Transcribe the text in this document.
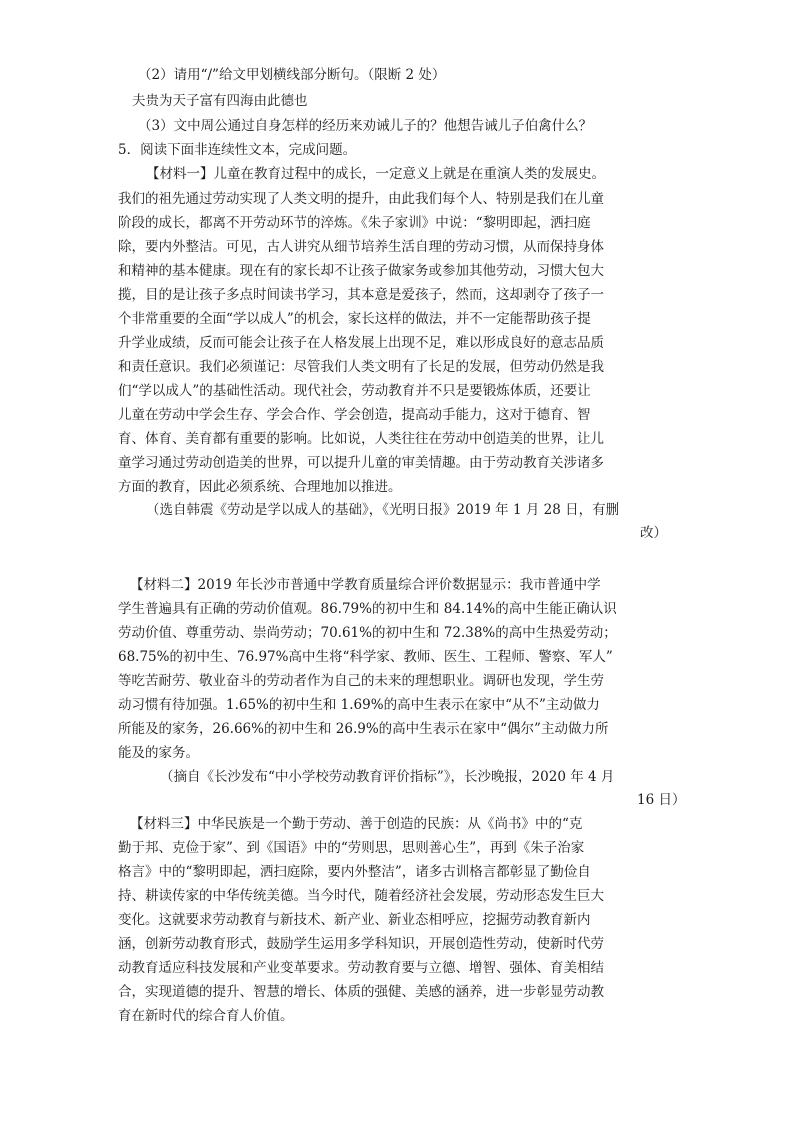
（2）请用“/”给文甲划横线部分断句。（限断 2 处）
夫贵为天子富有四海由此德也
（3）文中周公通过自身怎样的经历来劝诫儿子的？他想告诫儿子伯禽什么？
5．阅读下面非连续性文本，完成问题。
【材料一】儿童在教育过程中的成长，一定意义上就是在重演人类的发展史。
我们的祖先通过劳动实现了人类文明的提升，由此我们每个人、特别是我们在儿童
阶段的成长，都离不开劳动环节的淬炼。《朱子家训》中说：“黎明即起，洒扫庭
除，要内外整洁。可见，古人讲究从细节培养生活自理的劳动习惯，从而保持身体
和精神的基本健康。现在有的家长却不让孩子做家务或参加其他劳动，习惯大包大
揽，目的是让孩子多点时间读书学习，其本意是爱孩子，然而，这却剥夺了孩子一
个非常重要的全面“学以成人”的机会，家长这样的做法，并不一定能帮助孩子提
升学业成绩，反而可能会让孩子在人格发展上出现不足，难以形成良好的意志品质
和责任意识。我们必须谨记：尽管我们人类文明有了长足的发展，但劳动仍然是我
们“学以成人”的基础性活动。现代社会，劳动教育并不只是要锻炼体质，还要让
儿童在劳动中学会生存、学会合作、学会创造，提高动手能力，这对于德育、智
育、体育、美育都有重要的影响。比如说，人类往往在劳动中创造美的世界，让儿
童学习通过劳动创造美的世界，可以提升儿童的审美情趣。由于劳动教育关涉诸多
方面的教育，因此必须系统、合理地加以推进。
（选自韩震《劳动是学以成人的基础》，《光明日报》2019 年 1 月 28 日，有删
改）
【材料二】2019 年长沙市普通中学教育质量综合评价数据显示：我市普通中学
学生普遍具有正确的劳动价值观。86.79%的初中生和 84.14%的高中生能正确认识
劳动价值、尊重劳动、崇尚劳动；70.61%的初中生和 72.38%的高中生热爱劳动；
68.75%的初中生、76.97%高中生将“科学家、教师、医生、工程师、警察、军人”
等吃苦耐劳、敬业奋斗的劳动者作为自己的未来的理想职业。调研也发现，学生劳
动习惯有待加强。1.65%的初中生和 1.69%的高中生表示在家中“从不”主动做力
所能及的家务，26.66%的初中生和 26.9%的高中生表示在家中“偶尔”主动做力所
能及的家务。
（摘自《长沙发布“中小学校劳动教育评价指标”》，长沙晚报，2020 年 4 月
16 日）
【材料三】中华民族是一个勤于劳动、善于创造的民族：从《尚书》中的“克
勤于邦、克俭于家”、到《国语》中的“劳则思，思则善心生”，再到《朱子治家
格言》中的“黎明即起，洒扫庭除，要内外整洁”，诸多古训格言都彰显了勤俭自
持、耕读传家的中华传统美德。当今时代，随着经济社会发展，劳动形态发生巨大
变化。这就要求劳动教育与新技术、新产业、新业态相呼应，挖掘劳动教育新内
涵，创新劳动教育形式，鼓励学生运用多学科知识，开展创造性劳动，使新时代劳
动教育适应科技发展和产业变革要求。劳动教育要与立德、增智、强体、育美相结
合，实现道德的提升、智慧的增长、体质的强健、美感的涵养，进一步彰显劳动教
育在新时代的综合育人价值。
